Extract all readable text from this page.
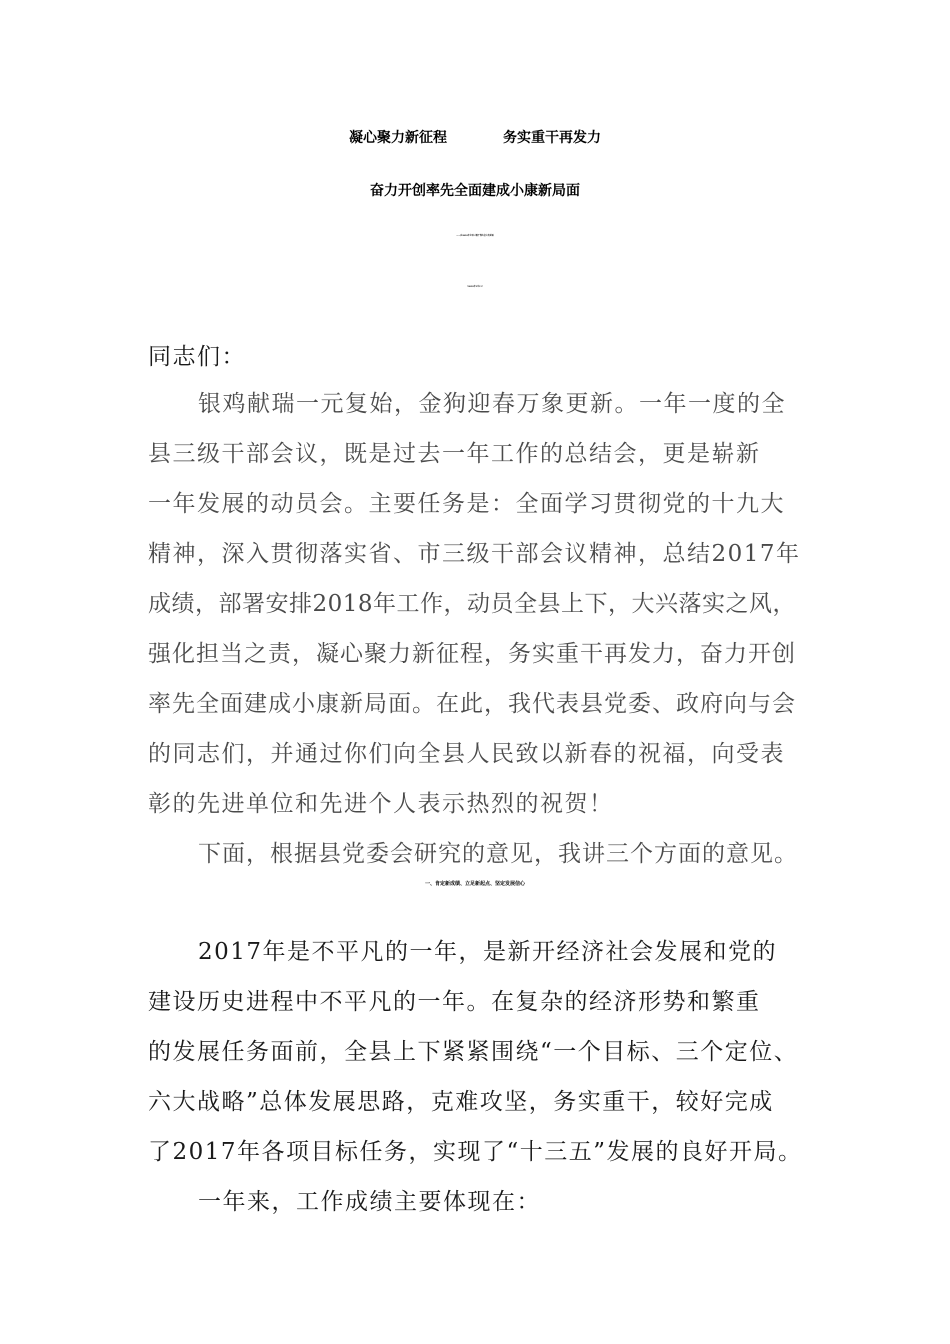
凝心聚力新征程	务实重干再发力
奋力开创率先全面建成小康新局面
——在2018年全县三级干部大会上的讲话
（2018年3月15）
同志们：
银鸡献瑞一元复始，金狗迎春万象更新。一年一度的全
县三级干部会议，既是过去一年工作的总结会，更是崭新
一年发展的动员会。主要任务是：全面学习贯彻党的十九大
精神，深入贯彻落实省、市三级干部会议精神，总结2017年
成绩，部署安排2018年工作，动员全县上下，大兴落实之风，
强化担当之责，凝心聚力新征程，务实重干再发力，奋力开创
率先全面建成小康新局面。在此，我代表县党委、政府向与会
的同志们，并通过你们向全县人民致以新春的祝福，向受表
彰的先进单位和先进个人表示热烈的祝贺！
下面，根据县党委会研究的意见，我讲三个方面的意见。
一、肯定新成绩、立足新起点、坚定发展信心
2017年是不平凡的一年，是新开经济社会发展和党的
建设历史进程中不平凡的一年。在复杂的经济形势和繁重
的发展任务面前，全县上下紧紧围绕“一个目标、三个定位、
六大战略”总体发展思路，克难攻坚，务实重干，较好完成
了2017年各项目标任务，实现了“十三五”发展的良好开局。
一年来，工作成绩主要体现在：
